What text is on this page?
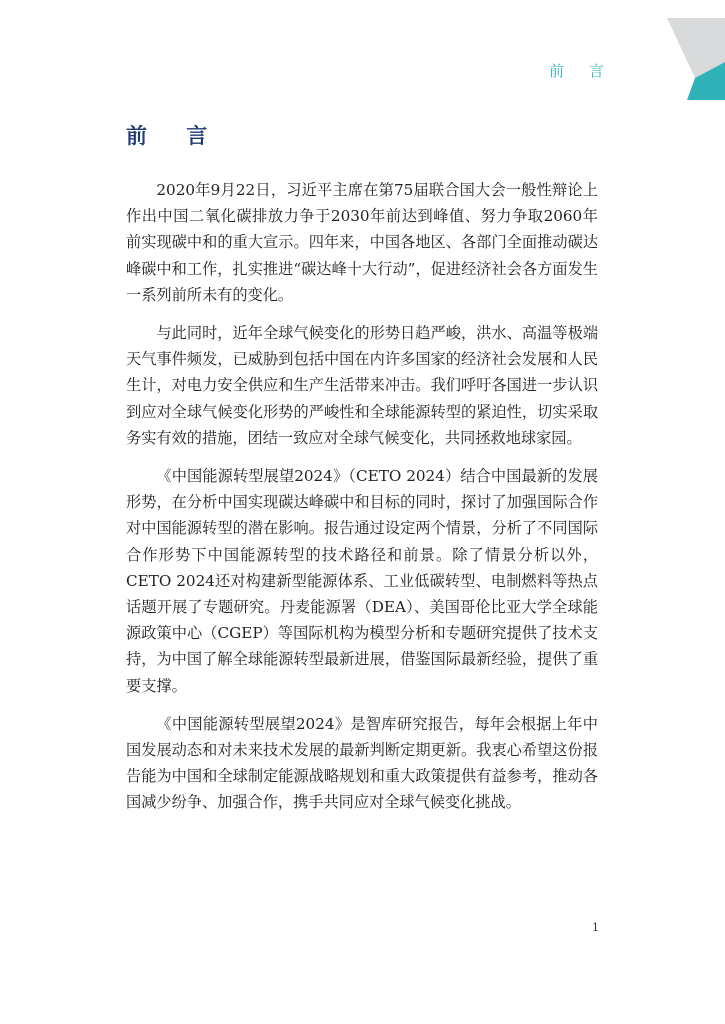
前 言
前 言

2020年9月22日，习近平主席在第75届联合国大会一般性辩论上作出中国二氧化碳排放力争于2030年前达到峰值、努力争取2060年前实现碳中和的重大宣示。四年来，中国各地区、各部门全面推动碳达峰碳中和工作，扎实推进“碳达峰十大行动”，促进经济社会各方面发生一系列前所未有的变化。

与此同时，近年全球气候变化的形势日趋严峻，洪水、高温等极端天气事件频发，已威胁到包括中国在内许多国家的经济社会发展和人民生计，对电力安全供应和生产生活带来冲击。我们呼吁各国进一步认识到应对全球气候变化形势的严峻性和全球能源转型的紧迫性，切实采取务实有效的措施，团结一致应对全球气候变化，共同拯救地球家园。

《中国能源转型展望2024》（CETO 2024）结合中国最新的发展形势，在分析中国实现碳达峰碳中和目标的同时，探讨了加强国际合作对中国能源转型的潜在影响。报告通过设定两个情景，分析了不同国际合作形势下中国能源转型的技术路径和前景。除了情景分析以外，CETO 2024还对构建新型能源体系、工业低碳转型、电制燃料等热点话题开展了专题研究。丹麦能源署（DEA）、美国哥伦比亚大学全球能源政策中心（CGEP）等国际机构为模型分析和专题研究提供了技术支持，为中国了解全球能源转型最新进展，借鉴国际最新经验，提供了重要支撑。

《中国能源转型展望2024》是智库研究报告，每年会根据上年中国发展动态和对未来技术发展的最新判断定期更新。我衷心希望这份报告能为中国和全球制定能源战略规划和重大政策提供有益参考，推动各国减少纷争、加强合作，携手共同应对全球气候变化挑战。

1
